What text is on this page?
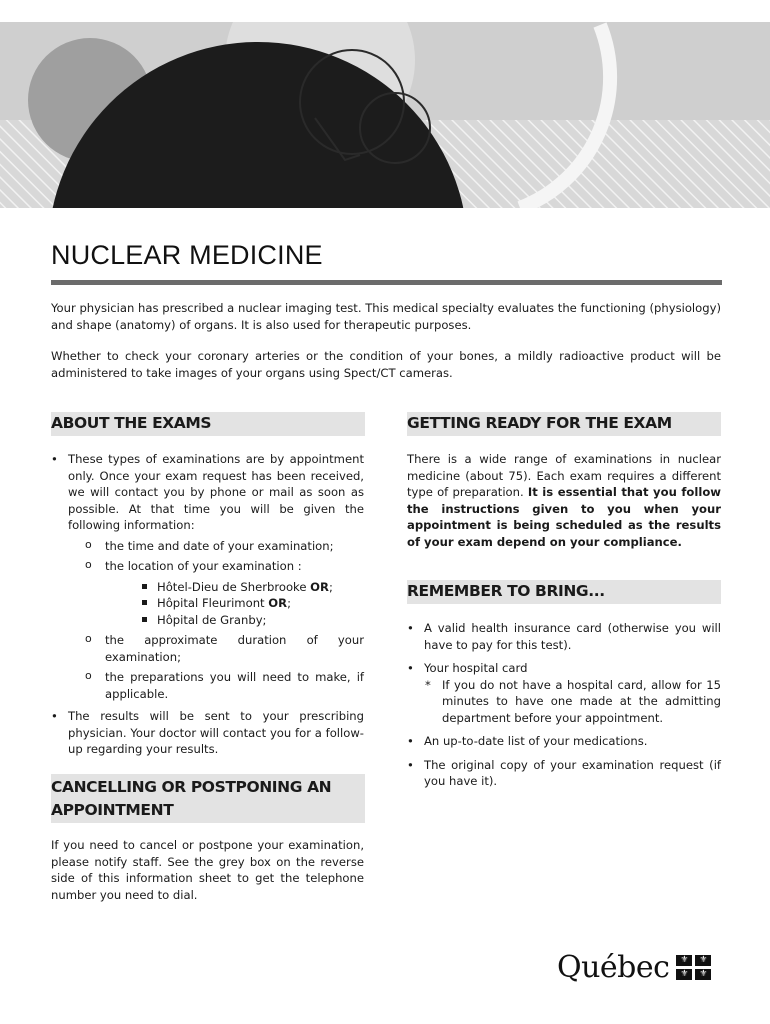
NUCLEAR MEDICINE

Your physician has prescribed a nuclear imaging test. This medical specialty evaluates the functioning (physiology) and shape (anatomy) of organs. It is also used for therapeutic purposes.

Whether to check your coronary arteries or the condition of your bones, a mildly radioactive product will be administered to take images of your organs using Spect/CT cameras.

ABOUT THE EXAMS
• These types of examinations are by appointment only. Once your exam request has been received, we will contact you by phone or mail as soon as possible. At that time you will be given the following information:
o the time and date of your examination;
o the location of your examination :
Hôtel-Dieu de Sherbrooke OR;
Hôpital Fleurimont OR;
Hôpital de Granby;
o the approximate duration of your examination;
o the preparations you will need to make, if applicable.
• The results will be sent to your prescribing physician. Your doctor will contact you for a follow-up regarding your results.
CANCELLING OR POSTPONING AN
APPOINTMENT

If you need to cancel or postpone your examination, please notify staff. See the grey box on the reverse side of this information sheet to get the telephone number you need to dial.

GETTING READY FOR THE EXAM

There is a wide range of examinations in nuclear medicine (about 75). Each exam requires a different type of preparation. It is essential that you follow the instructions given to you when your appointment is being scheduled as the results of your exam depend on your compliance.

REMEMBER TO BRING...
• A valid health insurance card (otherwise you will have to pay for this test).
• Your hospital card
* If you do not have a hospital card, allow for 15 minutes to have one made at the admitting department before your appointment.
• An up-to-date list of your medications.
• The original copy of your examination request (if you have it).
Québec	⚜	⚜
⚜	⚜
